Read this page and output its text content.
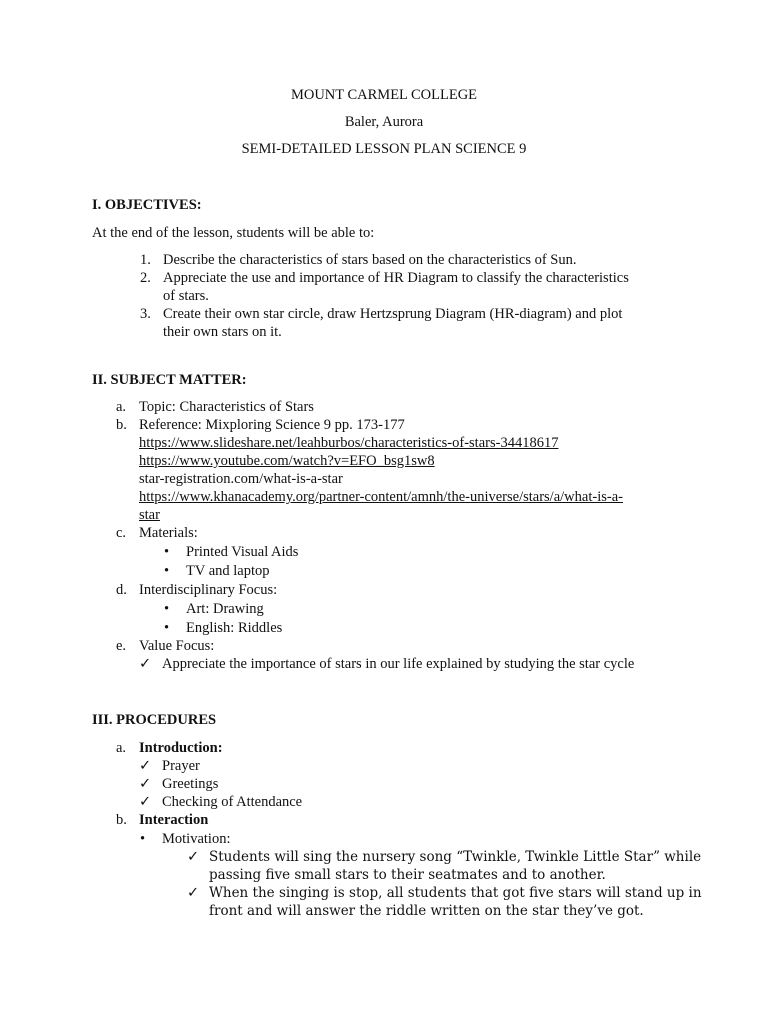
MOUNT CARMEL COLLEGE
Baler, Aurora
SEMI-DETAILED LESSON PLAN SCIENCE 9
I. OBJECTIVES:
At the end of the lesson, students will be able to:
1. Describe the characteristics of stars based on the characteristics of Sun.
2. Appreciate the use and importance of HR Diagram to classify the characteristics
of stars.
3. Create their own star circle, draw Hertzsprung Diagram (HR-diagram) and plot
their own stars on it.
II. SUBJECT MATTER:
a. Topic: Characteristics of Stars
b. Reference: Mixploring Science 9 pp. 173-177
https://www.slideshare.net/leahburbos/characteristics-of-stars-34418617
https://www.youtube.com/watch?v=EFO_bsg1sw8
star-registration.com/what-is-a-star
https://www.khanacademy.org/partner-content/amnh/the-universe/stars/a/what-is-a-
star
c. Materials:
• Printed Visual Aids
• TV and laptop
d. Interdisciplinary Focus:
• Art: Drawing
• English: Riddles
e. Value Focus:
✓ Appreciate the importance of stars in our life explained by studying the star cycle
III. PROCEDURES
a. Introduction:
✓ Prayer
✓ Greetings
✓ Checking of Attendance
b. Interaction
• Motivation:
✓ Students will sing the nursery song “Twinkle, Twinkle Little Star” while
passing five small stars to their seatmates and to another.
✓ When the singing is stop, all students that got five stars will stand up in
front and will answer the riddle written on the star they’ve got.
